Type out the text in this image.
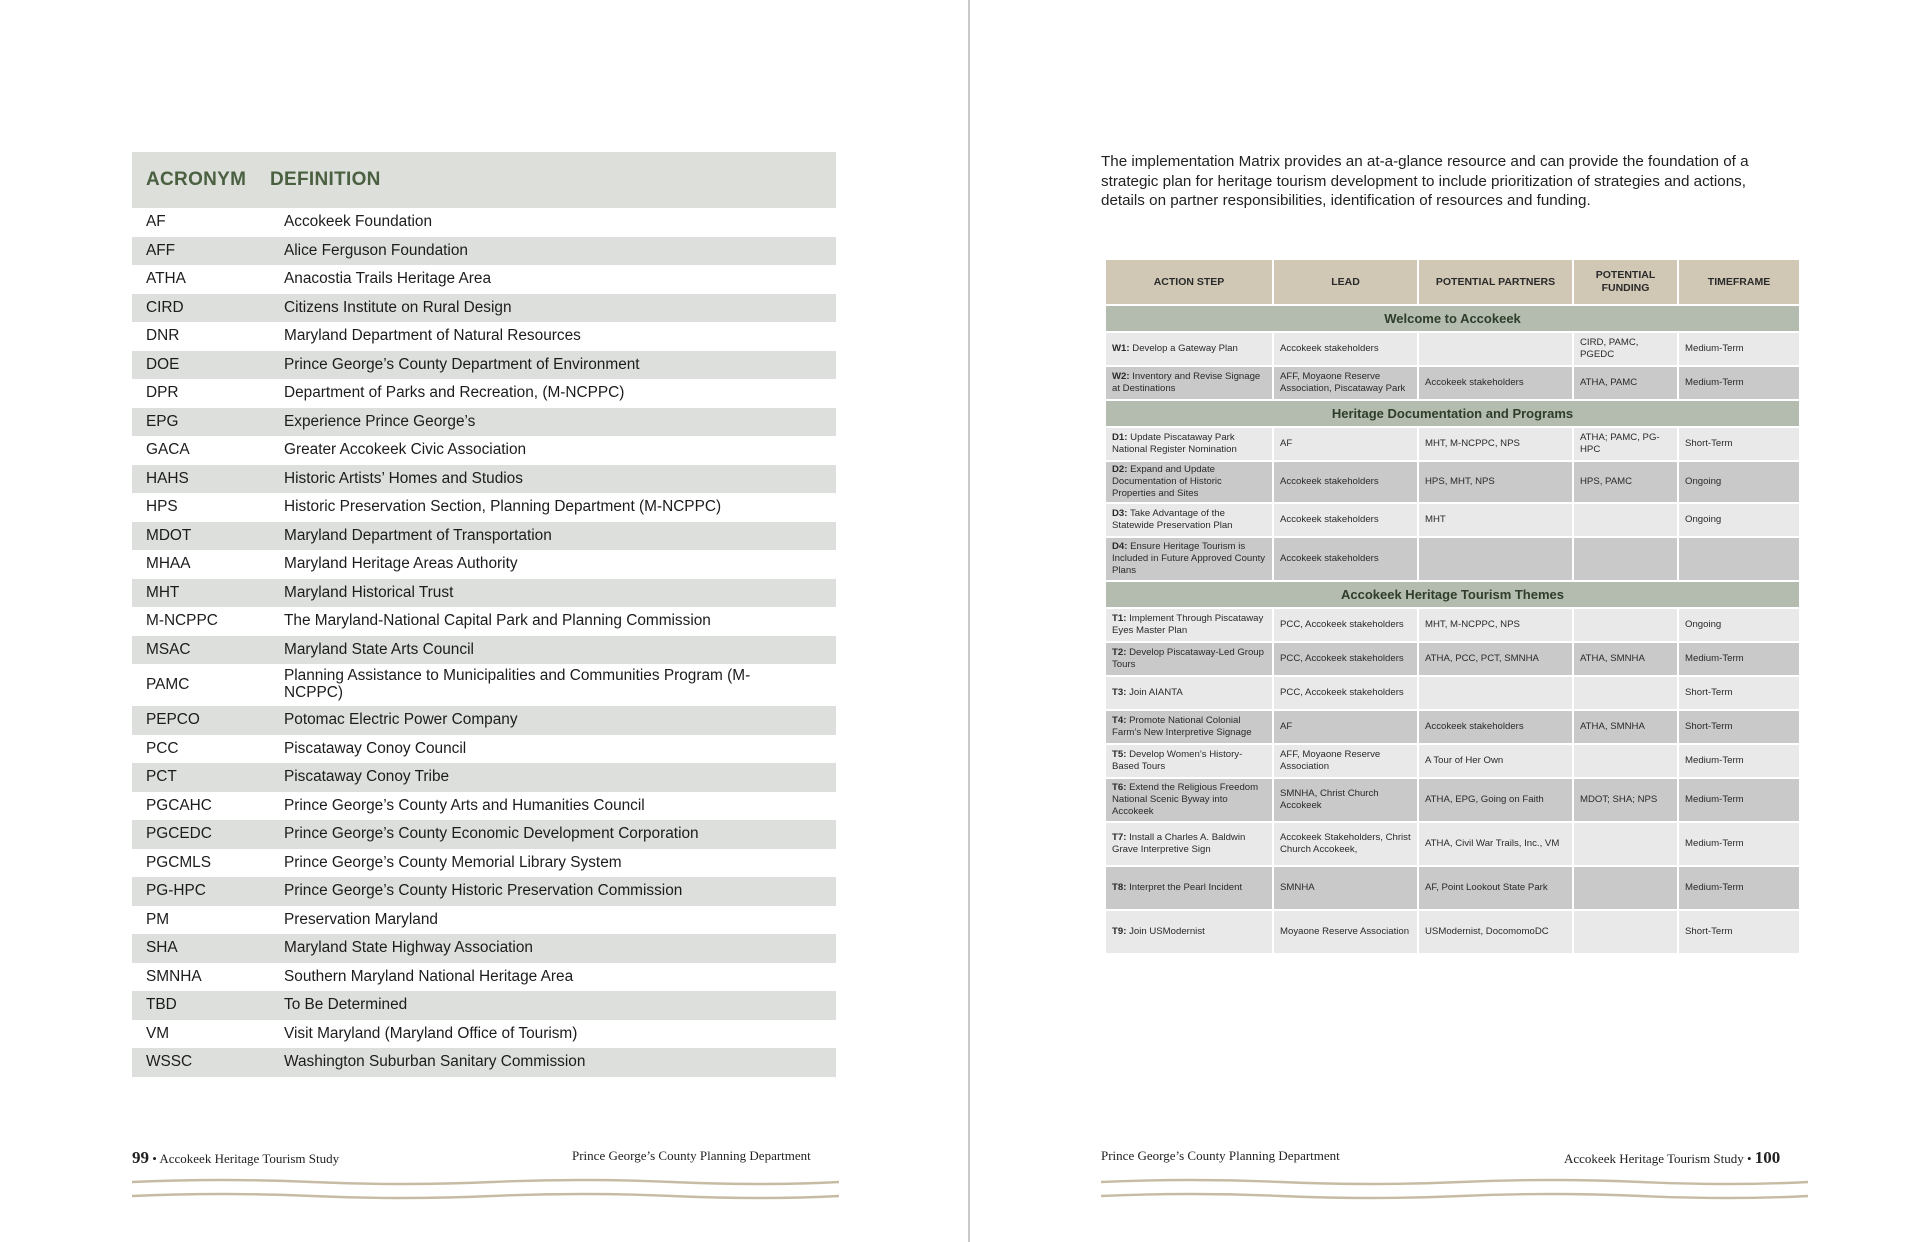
ACRONYM	DEFINITION
AF	Accokeek Foundation
AFF	Alice Ferguson Foundation
ATHA	Anacostia Trails Heritage Area
CIRD	Citizens Institute on Rural Design
DNR	Maryland Department of Natural Resources
DOE	Prince George’s County Department of Environment
DPR	Department of Parks and Recreation, (M-NCPPC)
EPG	Experience Prince George’s
GACA	Greater Accokeek Civic Association
HAHS	Historic Artists’ Homes and Studios
HPS	Historic Preservation Section, Planning Department (M-NCPPC)
MDOT	Maryland Department of Transportation
MHAA	Maryland Heritage Areas Authority
MHT	Maryland Historical Trust
M-NCPPC	The Maryland-National Capital Park and Planning Commission
MSAC	Maryland State Arts Council
PAMC	Planning Assistance to Municipalities and Communities Program (M-NCPPC)
PEPCO	Potomac Electric Power Company
PCC	Piscataway Conoy Council
PCT	Piscataway Conoy Tribe
PGCAHC	Prince George’s County Arts and Humanities Council
PGCEDC	Prince George’s County Economic Development Corporation
PGCMLS	Prince George’s County Memorial Library System
PG-HPC	Prince George’s County Historic Preservation Commission
PM	Preservation Maryland
SHA	Maryland State Highway Association
SMNHA	Southern Maryland National Heritage Area
TBD	To Be Determined
VM	Visit Maryland (Maryland Office of Tourism)
WSSC	Washington Suburban Sanitary Commission
99 • Accokeek Heritage Tourism Study	Prince George’s County Planning Department

The implementation Matrix provides an at-a-glance resource and can provide the foundation of a strategic plan for heritage tourism development to include prioritization of strategies and actions, details on partner responsibilities, identification of resources and funding.

ACTION STEP	LEAD	POTENTIAL PARTNERS	POTENTIAL FUNDING	TIMEFRAME
Welcome to Accokeek				
W1: Develop a Gateway Plan	Accokeek stakeholders		CIRD, PAMC, PGEDC	Medium-Term
W2: Inventory and Revise Signage at Destinations	AFF, Moyaone Reserve Association, Piscataway Park	Accokeek stakeholders	ATHA, PAMC	Medium-Term
Heritage Documentation and Programs				
D1: Update Piscataway Park National Register Nomination	AF	MHT, M-NCPPC, NPS	ATHA; PAMC, PG-HPC	Short-Term
D2: Expand and Update Documentation of Historic Properties and Sites	Accokeek stakeholders	HPS, MHT, NPS	HPS, PAMC	Ongoing
D3: Take Advantage of the Statewide Preservation Plan	Accokeek stakeholders	MHT		Ongoing
D4: Ensure Heritage Tourism is Included in Future Approved County Plans	Accokeek stakeholders			
Accokeek Heritage Tourism Themes				
T1: Implement Through Piscataway Eyes Master Plan	PCC, Accokeek stakeholders	MHT, M-NCPPC, NPS		Ongoing
T2: Develop Piscataway-Led Group Tours	PCC, Accokeek stakeholders	ATHA, PCC, PCT, SMNHA	ATHA, SMNHA	Medium-Term
T3: Join AIANTA	PCC, Accokeek stakeholders			Short-Term
T4: Promote National Colonial Farm’s New Interpretive Signage	AF	Accokeek stakeholders	ATHA, SMNHA	Short-Term
T5: Develop Women’s History-Based Tours	AFF, Moyaone Reserve Association	A Tour of Her Own		Medium-Term
T6: Extend the Religious Freedom National Scenic Byway into Accokeek	SMNHA, Christ Church Accokeek	ATHA, EPG, Going on Faith	MDOT; SHA; NPS	Medium-Term
T7: Install a Charles A. Baldwin Grave Interpretive Sign	Accokeek Stakeholders, Christ Church Accokeek,	ATHA, Civil War Trails, Inc., VM		Medium-Term
T8: Interpret the Pearl Incident	SMNHA	AF, Point Lookout State Park		Medium-Term
T9: Join USModernist	Moyaone Reserve Association	USModernist, DocomomoDC		Short-Term
Prince George’s County Planning Department	Accokeek Heritage Tourism Study • 100
